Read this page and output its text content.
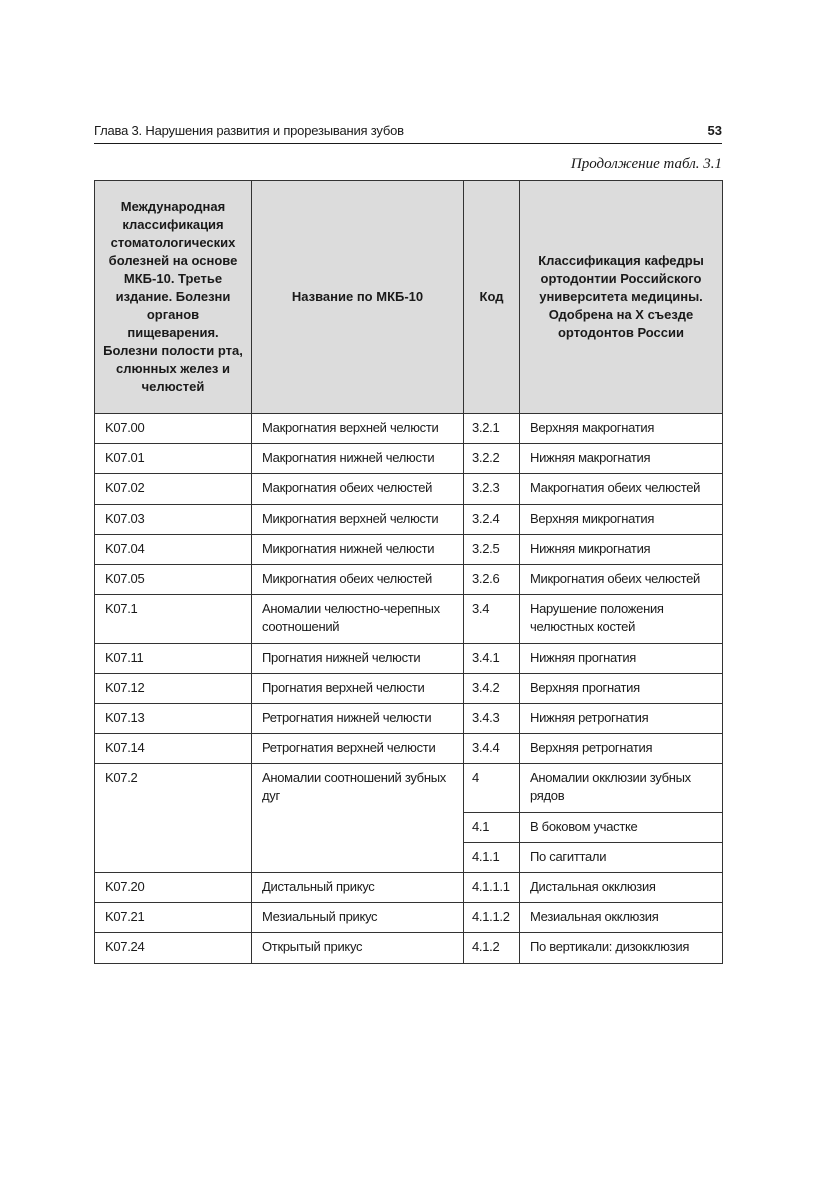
Глава 3. Нарушения развития и прорезывания зубов	53
Продолжение табл. 3.1
Международная классификация стоматологических болезней на основе МКБ-10. Третье издание. Болезни органов пищеварения. Болезни полости рта, слюнных желез и челюстей	Название по МКБ-10	Код	Классификация кафедры ортодонтии Российского университета медицины. Одобрена на X съезде ортодонтов России
K07.00	Макрогнатия верхней челюсти	3.2.1	Верхняя макрогнатия
K07.01	Макрогнатия нижней челюсти	3.2.2	Нижняя макрогнатия
K07.02	Макрогнатия обеих челюстей	3.2.3	Макрогнатия обеих челюстей
K07.03	Микрогнатия верхней челюсти	3.2.4	Верхняя микрогнатия
K07.04	Микрогнатия нижней челюсти	3.2.5	Нижняя микрогнатия
K07.05	Микрогнатия обеих челюстей	3.2.6	Микрогнатия обеих челюстей
K07.1	Аномалии челюстно-черепных соотношений	3.4	Нарушение положения челюстных костей
K07.11	Прогнатия нижней челюсти	3.4.1	Нижняя прогнатия
K07.12	Прогнатия верхней челюсти	3.4.2	Верхняя прогнатия
K07.13	Ретрогнатия нижней челюсти	3.4.3	Нижняя ретрогнатия
K07.14	Ретрогнатия верхней челюсти	3.4.4	Верхняя ретрогнатия
K07.2	Аномалии соотношений зубных дуг	4	Аномалии окклюзии зубных рядов
		4.1	В боковом участке
		4.1.1	По сагиттали
K07.20	Дистальный прикус	4.1.1.1	Дистальная окклюзия
K07.21	Мезиальный прикус	4.1.1.2	Мезиальная окклюзия
K07.24	Открытый прикус	4.1.2	По вертикали: дизокклюзия
